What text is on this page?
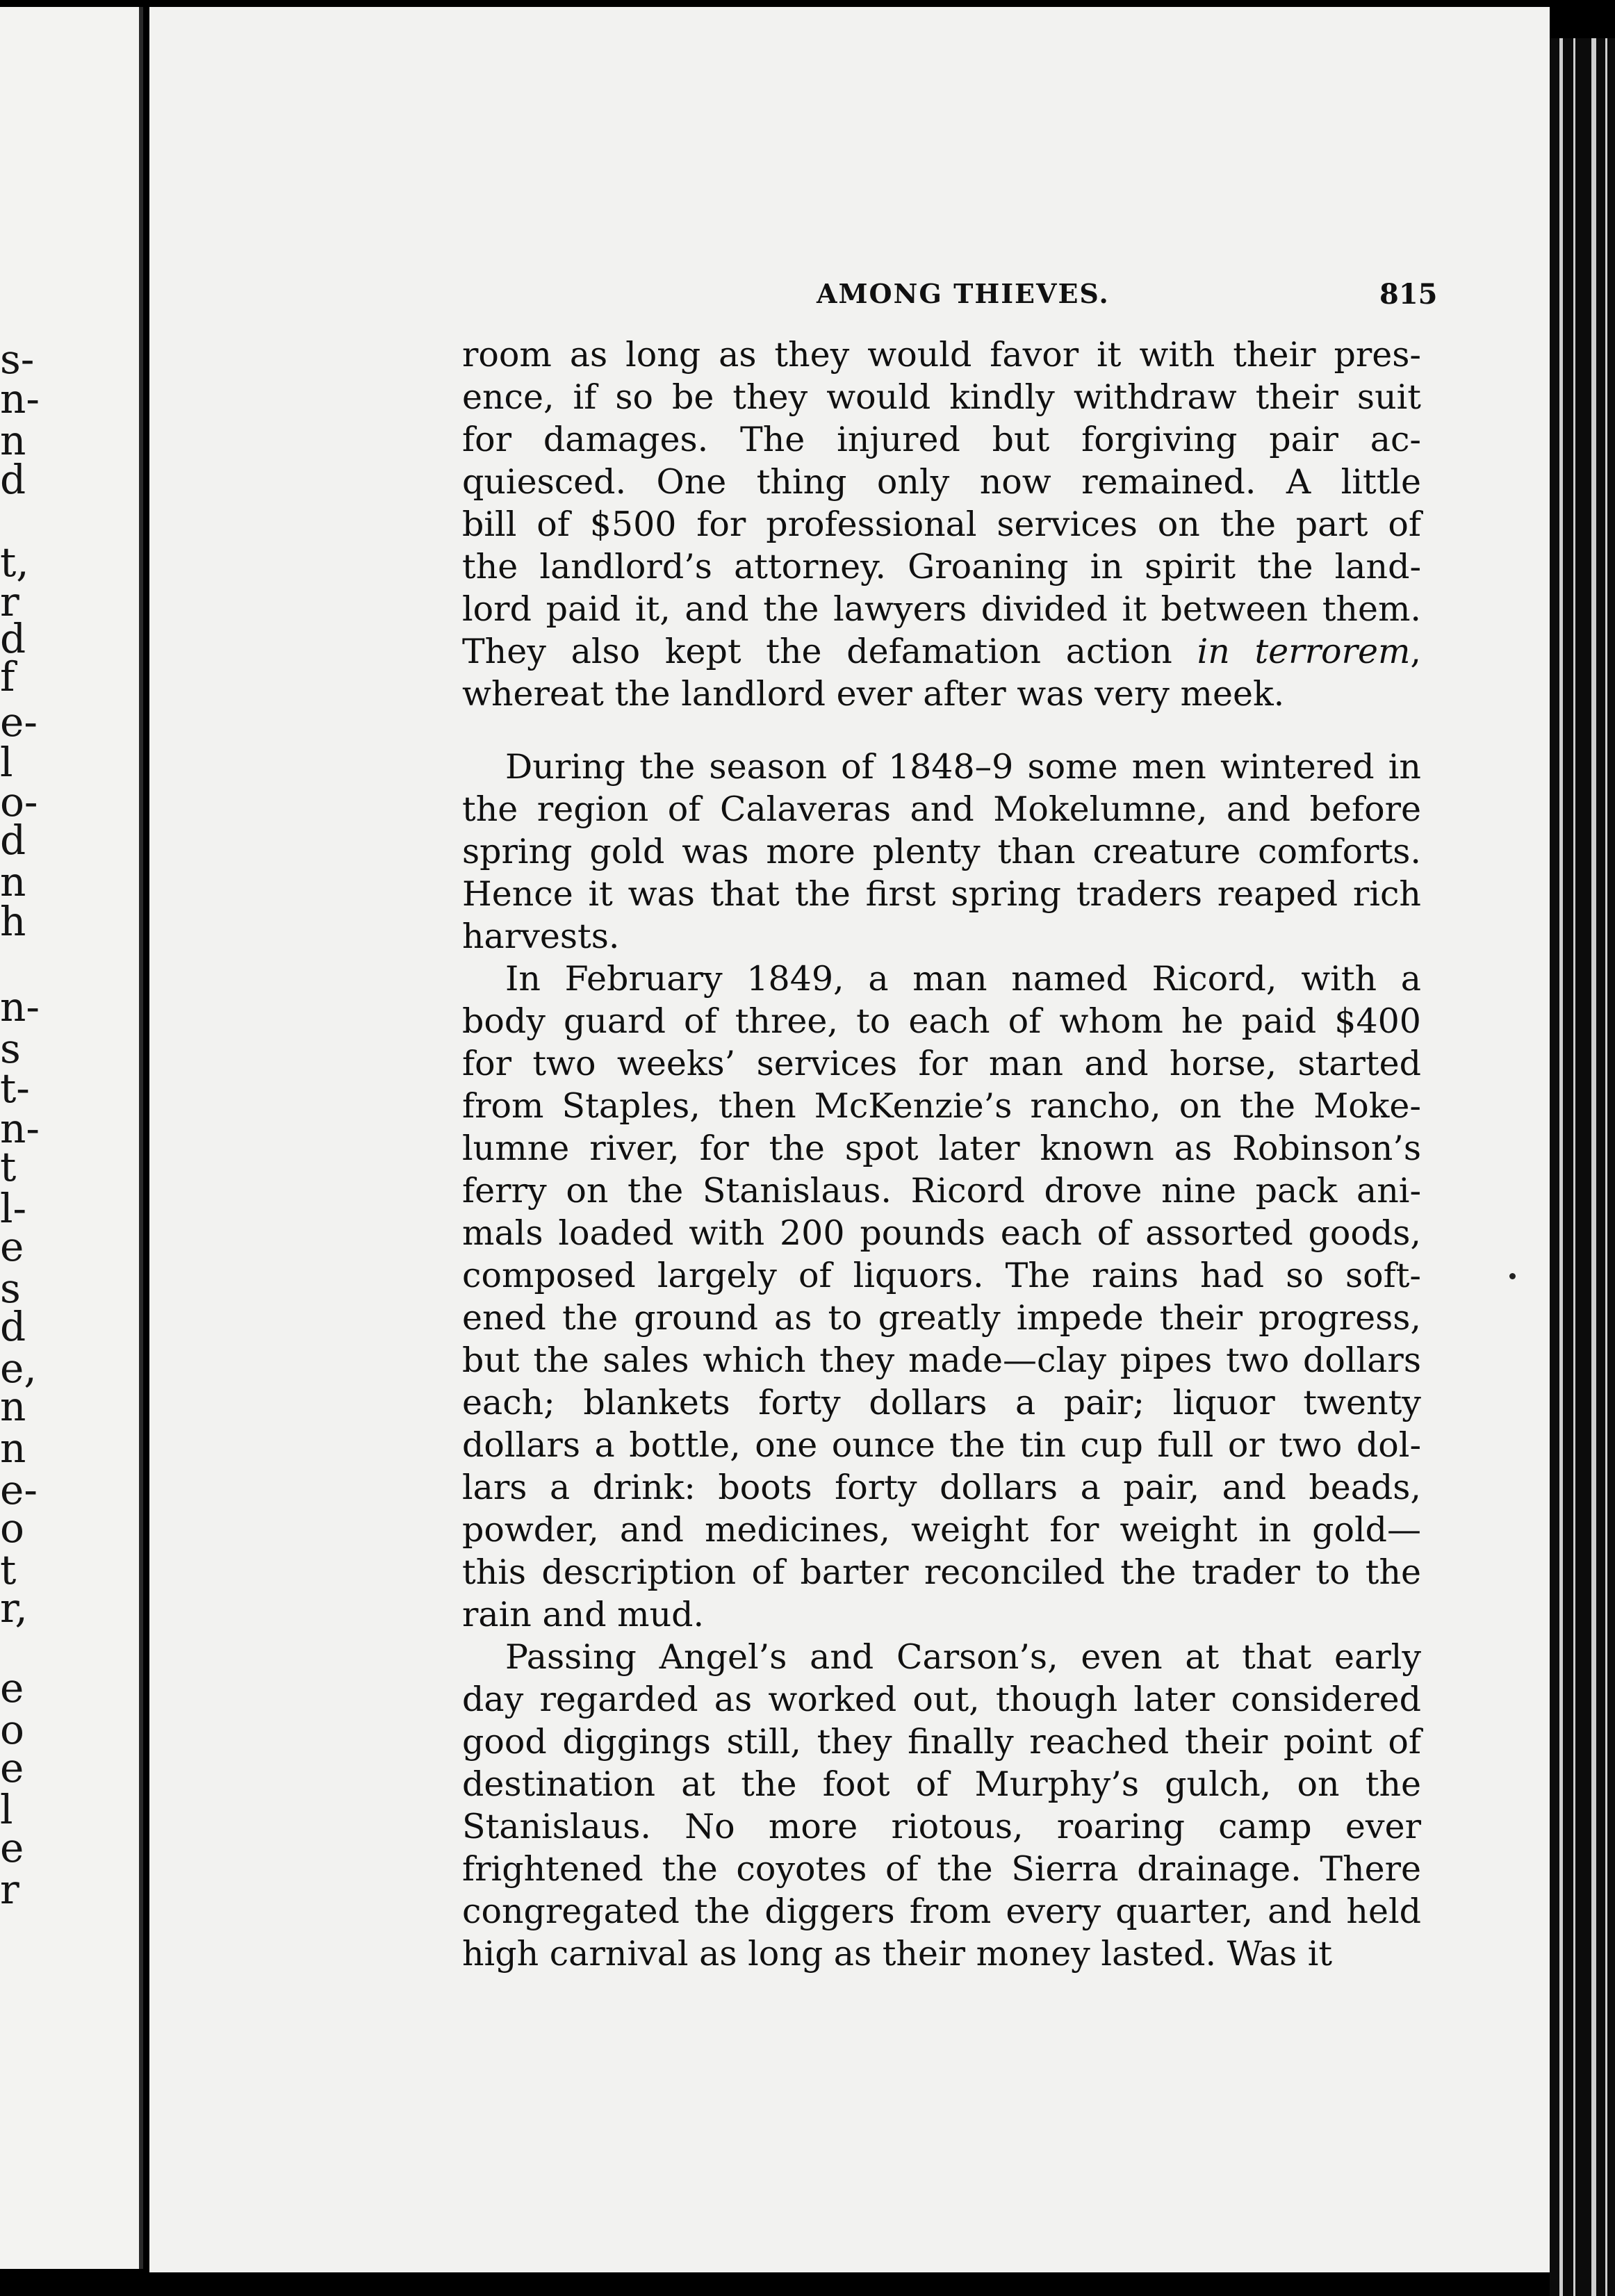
s-
n-
n
d
t,
r
d
f
e-
l
o-
d
n
h
n-
s
t-
n-
t
l-
e
s
d
e,
n
n
e-
o
t
r,
e
o
e
l
e
r
AMONG THIEVES.	815
room as long as they would favor it with their pres-
ence, if so be they would kindly withdraw their suit
for damages. The injured but forgiving pair ac-
quiesced. One thing only now remained. A little
bill of $500 for professional services on the part of
the landlord’s attorney. Groaning in spirit the land-
lord paid it, and the lawyers divided it between them.
They also kept the defamation action in terrorem,
whereat the landlord ever after was very meek.
During the season of 1848–9 some men wintered in
the region of Calaveras and Mokelumne, and before
spring gold was more plenty than creature comforts.
Hence it was that the first spring traders reaped rich
harvests.
In February 1849, a man named Ricord, with a
body guard of three, to each of whom he paid $400
for two weeks’ services for man and horse, started
from Staples, then McKenzie’s rancho, on the Moke-
lumne river, for the spot later known as Robinson’s
ferry on the Stanislaus. Ricord drove nine pack ani-
mals loaded with 200 pounds each of assorted goods,
composed largely of liquors. The rains had so soft-
ened the ground as to greatly impede their progress,
but the sales which they made—clay pipes two dollars
each; blankets forty dollars a pair; liquor twenty
dollars a bottle, one ounce the tin cup full or two dol-
lars a drink: boots forty dollars a pair, and beads,
powder, and medicines, weight for weight in gold—
this description of barter reconciled the trader to the
rain and mud.
Passing Angel’s and Carson’s, even at that early
day regarded as worked out, though later considered
good diggings still, they finally reached their point of
destination at the foot of Murphy’s gulch, on the
Stanislaus. No more riotous, roaring camp ever
frightened the coyotes of the Sierra drainage. There
congregated the diggers from every quarter, and held
high carnival as long as their money lasted. Was it
